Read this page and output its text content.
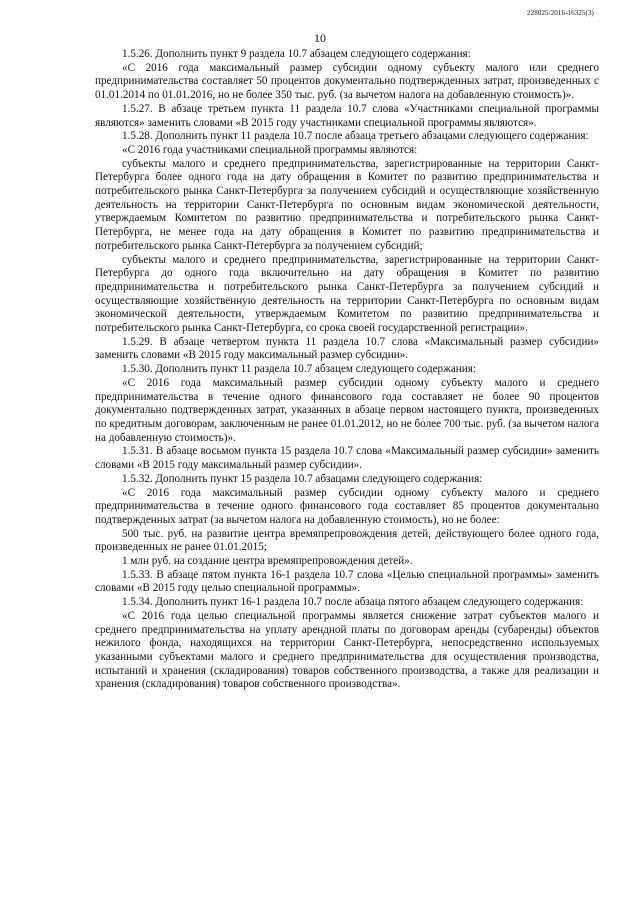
228025/2016-16325(3)
10

1.5.26. Дополнить пункт 9 раздела 10.7 абзацем следующего содержания:

«С 2016 года максимальный размер субсидии одному субъекту малого или среднего предпринимательства составляет 50 процентов документально подтвержденных затрат, произведенных с 01.01.2014 по 01.01.2016, но не более 350 тыс. руб. (за вычетом налога на добавленную стоимость)».

1.5.27. В абзаце третьем пункта 11 раздела 10.7 слова «Участниками специальной программы являются» заменить словами «В 2015 году участниками специальной программы являются».

1.5.28. Дополнить пункт 11 раздела 10.7 после абзаца третьего абзацами следующего содержания:

«С 2016 года участниками специальной программы являются:

субъекты малого и среднего предпринимательства, зарегистрированные на территории Санкт-Петербурга более одного года на дату обращения в Комитет по развитию предпринимательства и потребительского рынка Санкт-Петербурга за получением субсидий и осуществляющие хозяйственную деятельность на территории Санкт-Петербурга по основным видам экономической деятельности, утверждаемым Комитетом по развитию предпринимательства и потребительского рынка Санкт-Петербурга, не менее года на дату обращения в Комитет по развитию предпринимательства и потребительского рынка Санкт-Петербурга за получением субсидий;

субъекты малого и среднего предпринимательства, зарегистрированные на территории Санкт-Петербурга до одного года включительно на дату обращения в Комитет по развитию предпринимательства и потребительского рынка Санкт-Петербурга за получением субсидий и осуществляющие хозяйственную деятельность на территории Санкт-Петербурга по основным видам экономической деятельности, утверждаемым Комитетом по развитию предпринимательства и потребительского рынка Санкт-Петербурга, со срока своей государственной регистрации».

1.5.29. В абзаце четвертом пункта 11 раздела 10.7 слова «Максимальный размер субсидии» заменить словами «В 2015 году максимальный размер субсидии».

1.5.30. Дополнить пункт 11 раздела 10.7 абзацем следующего содержания:

«С 2016 года максимальный размер субсидии одному субъекту малого и среднего предпринимательства в течение одного финансового года составляет не более 90 процентов документально подтвержденных затрат, указанных в абзаце первом настоящего пункта, произведенных по кредитным договорам, заключенным не ранее 01.01.2012, но не более 700 тыс. руб. (за вычетом налога на добавленную стоимость)».

1.5.31. В абзаце восьмом пункта 15 раздела 10.7 слова «Максимальный размер субсидии» заменить словами «В 2015 году максимальный размер субсидии».

1.5.32. Дополнить пункт 15 раздела 10.7 абзацами следующего содержания:

«С 2016 года максимальный размер субсидии одному субъекту малого и среднего предпринимательства в течение одного финансового года составляет 85 процентов документально подтвержденных затрат (за вычетом налога на добавленную стоимость), но не более:

500 тыс. руб. на развитие центра времяпрепровождения детей, действующего более одного года, произведенных не ранее 01.01.2015;

1 млн руб. на создание центра времяпрепровождения детей».

1.5.33. В абзаце пятом пункта 16-1 раздела 10.7 слова «Целью специальной программы» заменить словами «В 2015 году целью специальной программы».

1.5.34. Дополнить пункт 16-1 раздела 10.7 после абзаца пятого абзацем следующего содержания:

«С 2016 года целью специальной программы является снижение затрат субъектов малого и среднего предпринимательства на уплату арендной платы по договорам аренды (субаренды) объектов нежилого фонда, находящихся на территории Санкт-Петербурга, непосредственно используемых указанными субъектами малого и среднего предпринимательства для осуществления производства, испытаний и хранения (складирования) товаров собственного производства, а также для реализации и хранения (складирования) товаров собственного производства».
